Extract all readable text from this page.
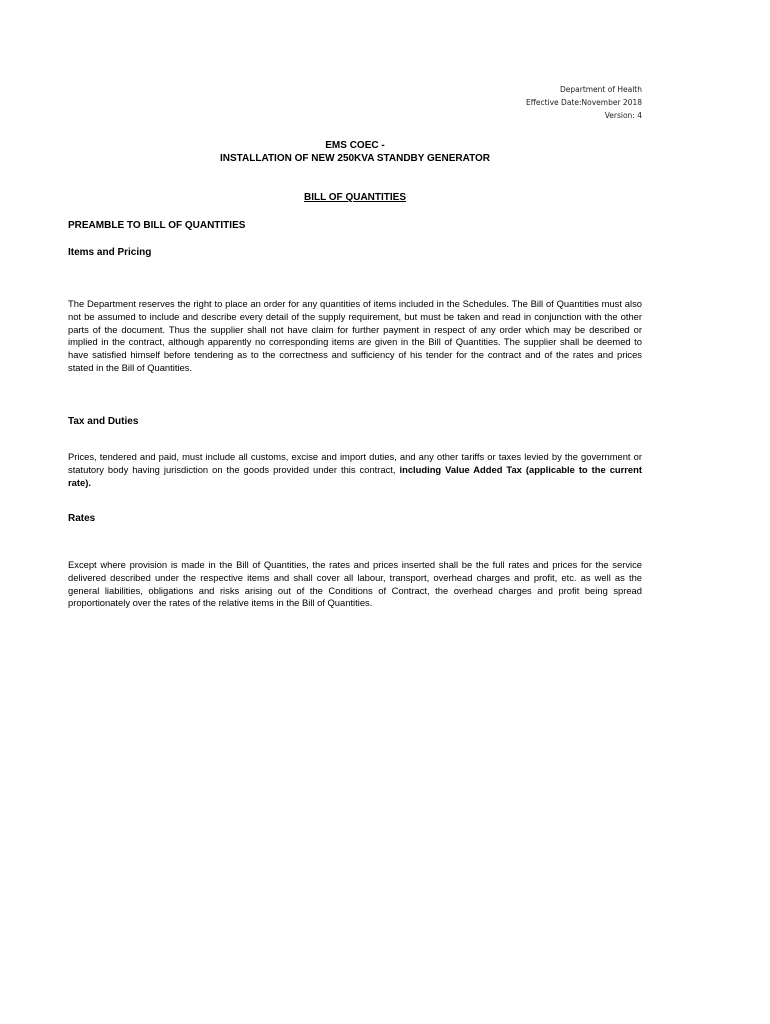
Department of Health
Effective Date:November 2018
Version: 4
EMS COEC -
INSTALLATION OF NEW 250KVA STANDBY GENERATOR
BILL OF QUANTITIES
PREAMBLE TO BILL OF QUANTITIES
Items and Pricing
The Department reserves the right to place an order for any quantities of items included in the Schedules. The Bill of Quantities must also not be assumed to include and describe every detail of the supply requirement, but must be taken and read in conjunction with the other parts of the document. Thus the supplier shall not have claim for further payment in respect of any order which may be described or implied in the contract, although apparently no corresponding items are given in the Bill of Quantities. The supplier shall be deemed to have satisfied himself before tendering as to the correctness and sufficiency of his tender for the contract and of the rates and prices stated in the Bill of Quantities.
Tax and Duties
Prices, tendered and paid, must include all customs, excise and import duties, and any other tariffs or taxes levied by the government or statutory body having jurisdiction on the goods provided under this contract, including Value Added Tax (applicable to the current rate).
Rates
Except where provision is made in the Bill of Quantities, the rates and prices inserted shall be the full rates and prices for the service delivered described under the respective items and shall cover all labour, transport, overhead charges and profit, etc. as well as the general liabilities, obligations and risks arising out of the Conditions of Contract, the overhead charges and profit being spread proportionately over the rates of the relative items in the Bill of Quantities.
